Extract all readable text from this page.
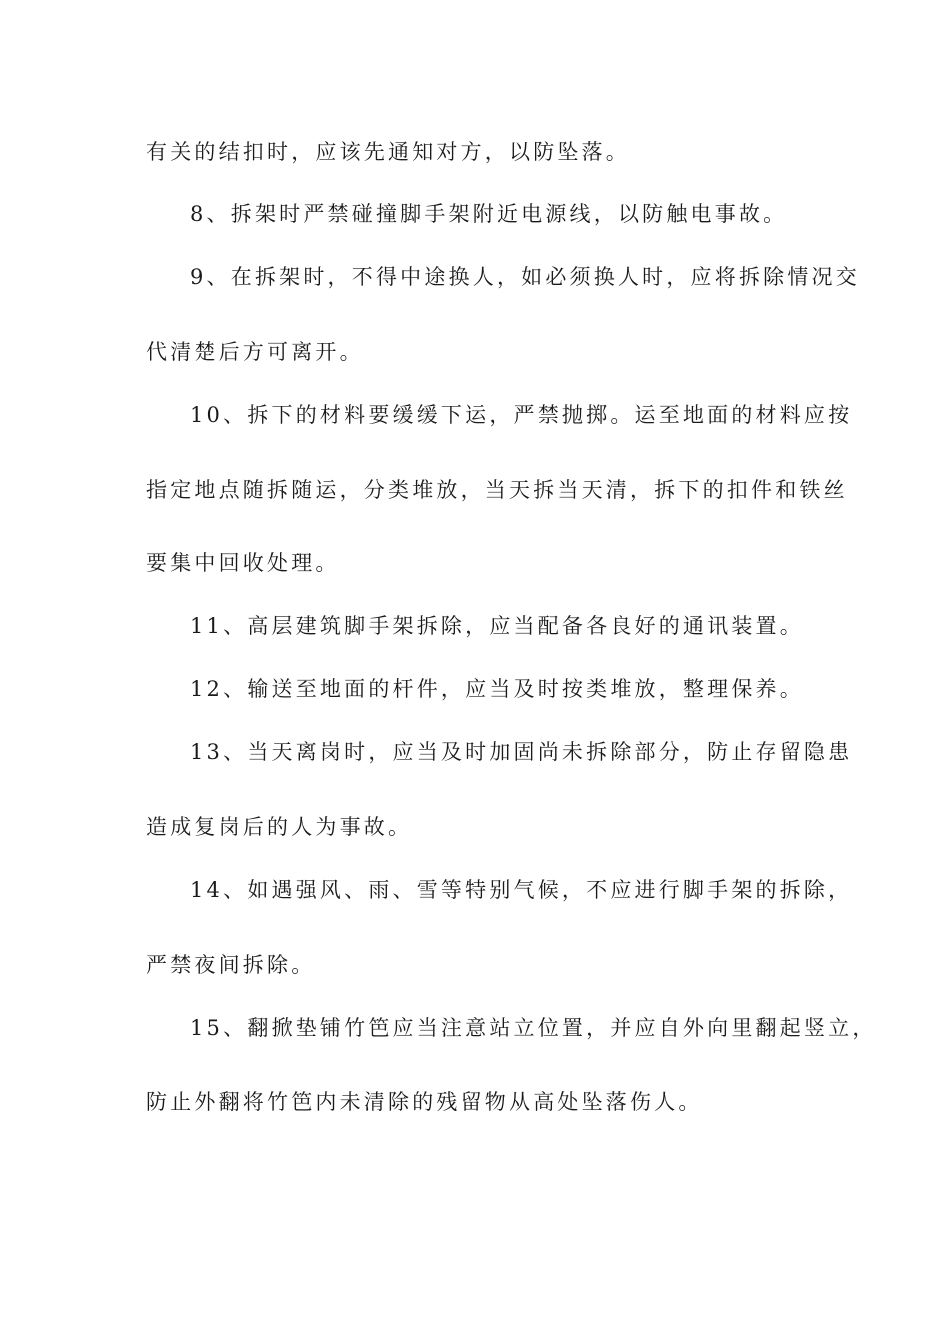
有关的结扣时，应该先通知对方，以防坠落。
8、拆架时严禁碰撞脚手架附近电源线，以防触电事故。
9、在拆架时，不得中途换人，如必须换人时，应将拆除情况交
代清楚后方可离开。
10、拆下的材料要缓缓下运，严禁抛掷。运至地面的材料应按
指定地点随拆随运，分类堆放，当天拆当天清，拆下的扣件和铁丝
要集中回收处理。
11、高层建筑脚手架拆除，应当配备各良好的通讯装置。
12、输送至地面的杆件，应当及时按类堆放，整理保养。
13、当天离岗时，应当及时加固尚未拆除部分，防止存留隐患
造成复岗后的人为事故。
14、如遇强风、雨、雪等特别气候，不应进行脚手架的拆除，
严禁夜间拆除。
15、翻掀垫铺竹笆应当注意站立位置，并应自外向里翻起竖立，
防止外翻将竹笆内未清除的残留物从高处坠落伤人。
